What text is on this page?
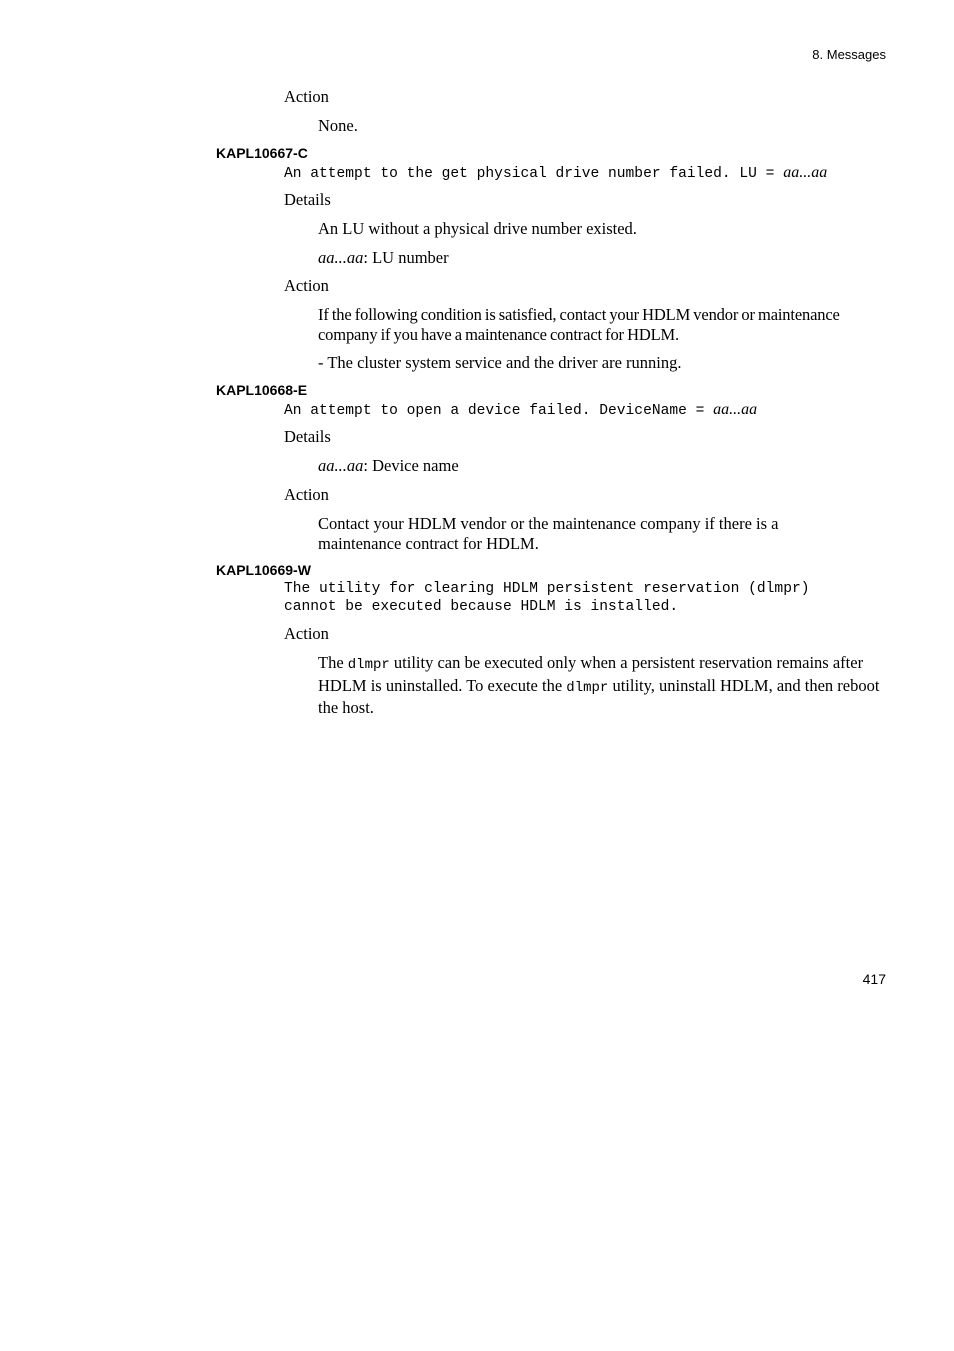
8. Messages
Action
None.
KAPL10667-C
An attempt to the get physical drive number failed. LU = aa...aa
Details
An LU without a physical drive number existed.
aa...aa: LU number
Action
If the following condition is satisfied, contact your HDLM vendor or maintenance company if you have a maintenance contract for HDLM.
- The cluster system service and the driver are running.
KAPL10668-E
An attempt to open a device failed. DeviceName = aa...aa
Details
aa...aa: Device name
Action
Contact your HDLM vendor or the maintenance company if there is a maintenance contract for HDLM.
KAPL10669-W
The utility for clearing HDLM persistent reservation (dlmpr)
cannot be executed because HDLM is installed.
Action
The dlmpr utility can be executed only when a persistent reservation remains after HDLM is uninstalled. To execute the dlmpr utility, uninstall HDLM, and then reboot the host.
417
